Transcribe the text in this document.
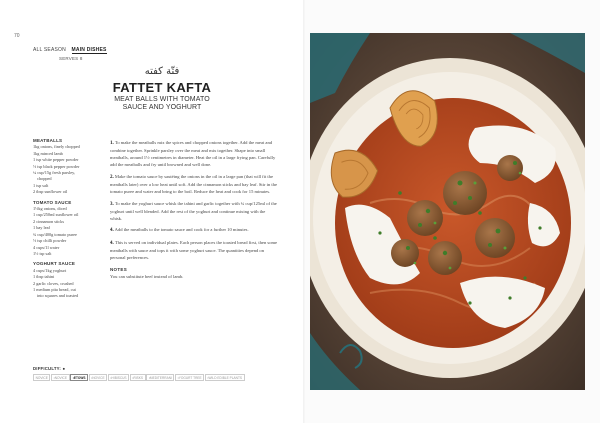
70
ALL SEASON MAIN DISHES
SERVES 8
فتّة كفته
FATTET KAFTA
MEAT BALLS WITH TOMATO SAUCE AND YOGHURT
MEATBALLS
1kg onions, finely chopped
1kg minced lamb
1 tsp white pepper powder
½ tsp black pepper powder
¼ cup/15g fresh parsley,
chopped
1 tsp salt
2 tbsp sunflower oil
TOMATO SAUCE
1½kg onions, diced
1 cup/250ml sunflower oil
2 cinnamon sticks
1 bay leaf
¾ cup/400g tomato puree
½ tsp chilli powder
4 cups/1l water
1½ tsp salt
YOGHURT SAUCE
4 cups/1kg yoghurt
1 tbsp tahini
2 garlic cloves, crushed
1 medium pita bread, cut
into squares and toasted
1. To make the meatballs mix the spices and chopped onions together. Add the meat and combine together. Sprinkle parsley over the meat and mix together. Shape into small meatballs, around 1½ centimetres in diameter. Heat the oil in a large frying pan. Carefully add the meatballs and fry until browned and well done.
2. Make the tomato sauce by sautéing the onions in the oil in a large pan (that will fit the meatballs later) over a low heat until soft. Add the cinnamon sticks and bay leaf. Stir in the tomato puree and water and bring to the boil. Reduce the heat and cook for 15 minutes.
3. To make the yoghurt sauce whisk the tahini and garlic together with ¾ cup/125ml of the yoghurt until well blended. Add the rest of the yoghurt and continue mixing with the whisk.
4. Add the meatballs to the tomato sauce and cook for a further 10 minutes.
4. This is served on individual plates. Each person places the toasted bread first, then some meatballs with sauce and tops it with some yoghurt sauce. The quantities depend on personal preferences.
NOTES
You can substitute beef instead of lamb.
DIFFICULTY: ●
NOVICE	•NOVICE	•ETOWS	•NOVICE	•HIBISCUS	•RISKS	•MEDITERRANI	•YOGURT TREE	•WILD EDIBLE PLANTS
